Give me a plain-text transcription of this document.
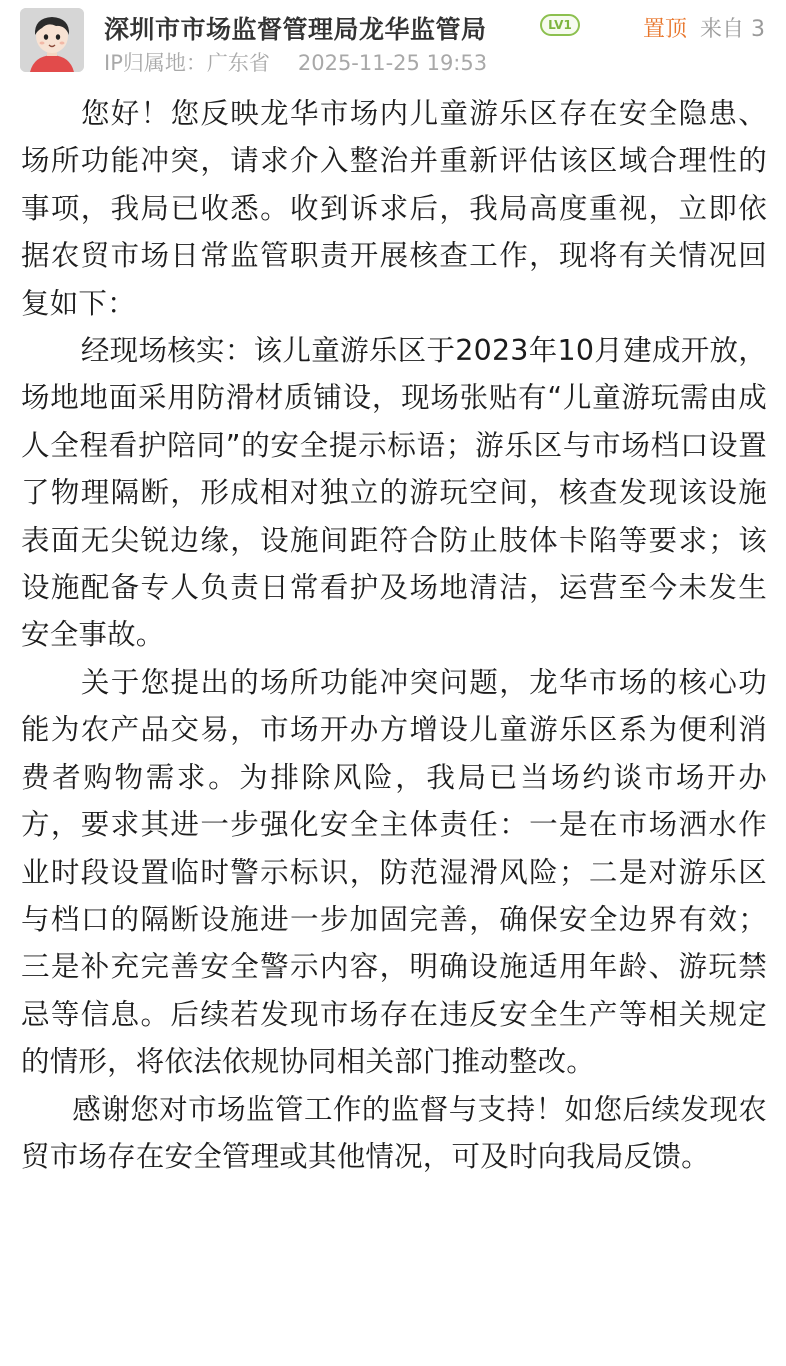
深圳市市场监督管理局龙华监管局	LV1	置顶 来自 3
IP归属地：广东省 2025-11-25 19:53

您好！您反映龙华市场内儿童游乐区存在安全隐患、场所功能冲突，请求介入整治并重新评估该区域合理性的事项，我局已收悉。收到诉求后，我局高度重视，立即依据农贸市场日常监管职责开展核查工作，现将有关情况回复如下：

经现场核实：该儿童游乐区于2023年10月建成开放，场地地面采用防滑材质铺设，现场张贴有“儿童游玩需由成人全程看护陪同”的安全提示标语；游乐区与市场档口设置了物理隔断，形成相对独立的游玩空间，核查发现该设施表面无尖锐边缘，设施间距符合防止肢体卡陷等要求；该设施配备专人负责日常看护及场地清洁，运营至今未发生安全事故。

关于您提出的场所功能冲突问题，龙华市场的核心功能为农产品交易，市场开办方增设儿童游乐区系为便利消费者购物需求。为排除风险，我局已当场约谈市场开办方，要求其进一步强化安全主体责任：一是在市场洒水作业时段设置临时警示标识，防范湿滑风险；二是对游乐区与档口的隔断设施进一步加固完善，确保安全边界有效；三是补充完善安全警示内容，明确设施适用年龄、游玩禁忌等信息。后续若发现市场存在违反安全生产等相关规定的情形，将依法依规协同相关部门推动整改。

感谢您对市场监管工作的监督与支持！如您后续发现农贸市场存在安全管理或其他情况，可及时向我局反馈。
